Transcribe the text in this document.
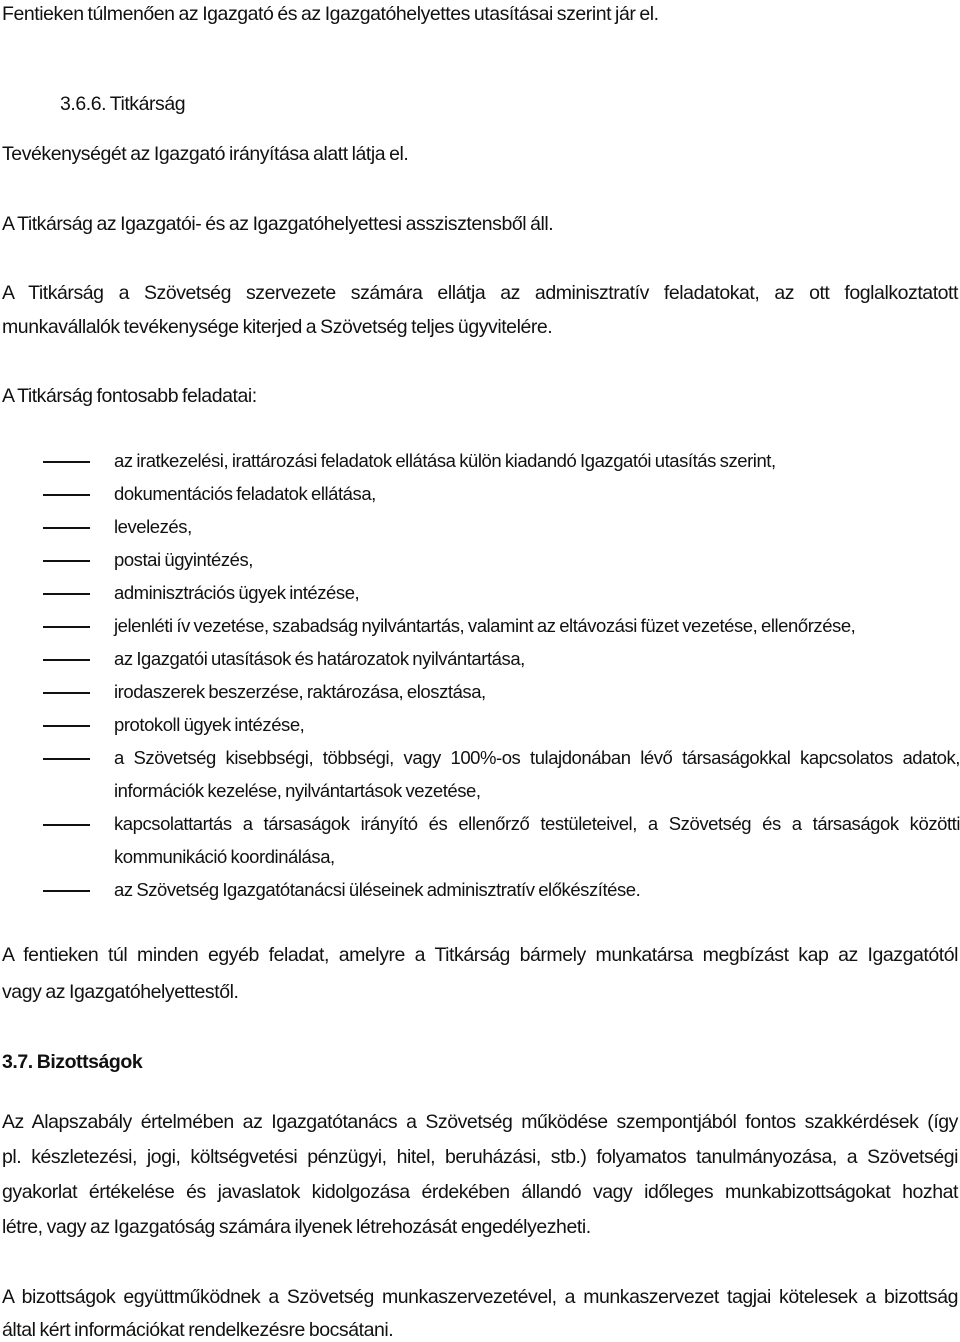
Fentieken túlmenően az Igazgató és az Igazgatóhelyettes utasításai szerint jár el.

3.6.6. Titkárság

Tevékenységét az Igazgató irányítása alatt látja el.

A Titkárság az Igazgatói- és az Igazgatóhelyettesi asszisztensből áll.

A Titkárság a Szövetség szervezete számára ellátja az adminisztratív feladatokat, az ott foglalkoztatott

munkavállalók tevékenysége kiterjed a Szövetség teljes ügyvitelére.

A Titkárság fontosabb feladatai:

az iratkezelési, irattározási feladatok ellátása külön kiadandó Igazgatói utasítás szerint,

dokumentációs feladatok ellátása,

levelezés,

postai ügyintézés,

adminisztrációs ügyek intézése,

jelenléti ív vezetése, szabadság nyilvántartás, valamint az eltávozási füzet vezetése, ellenőrzése,

az Igazgatói utasítások és határozatok nyilvántartása,

irodaszerek beszerzése, raktározása, elosztása,

protokoll ügyek intézése,

a Szövetség kisebbségi, többségi, vagy 100%-os tulajdonában lévő társaságokkal kapcsolatos adatok,

információk kezelése, nyilvántartások vezetése,

kapcsolattartás a társaságok irányító és ellenőrző testületeivel, a Szövetség és a társaságok közötti

kommunikáció koordinálása,

az Szövetség Igazgatótanácsi üléseinek adminisztratív előkészítése.

A fentieken túl minden egyéb feladat, amelyre a Titkárság bármely munkatársa megbízást kap az Igazgatótól

vagy az Igazgatóhelyettestől.

3.7. Bizottságok

Az Alapszabály értelmében az Igazgatótanács a Szövetség működése szempontjából fontos szakkérdések (így

pl. készletezési, jogi, költségvetési pénzügyi, hitel, beruházási, stb.) folyamatos tanulmányozása, a Szövetségi

gyakorlat értékelése és javaslatok kidolgozása érdekében állandó vagy időleges munkabizottságokat hozhat

létre, vagy az Igazgatóság számára ilyenek létrehozását engedélyezheti.

A bizottságok együttműködnek a Szövetség munkaszervezetével, a munkaszervezet tagjai kötelesek a bizottság

által kért információkat rendelkezésre bocsátani.
